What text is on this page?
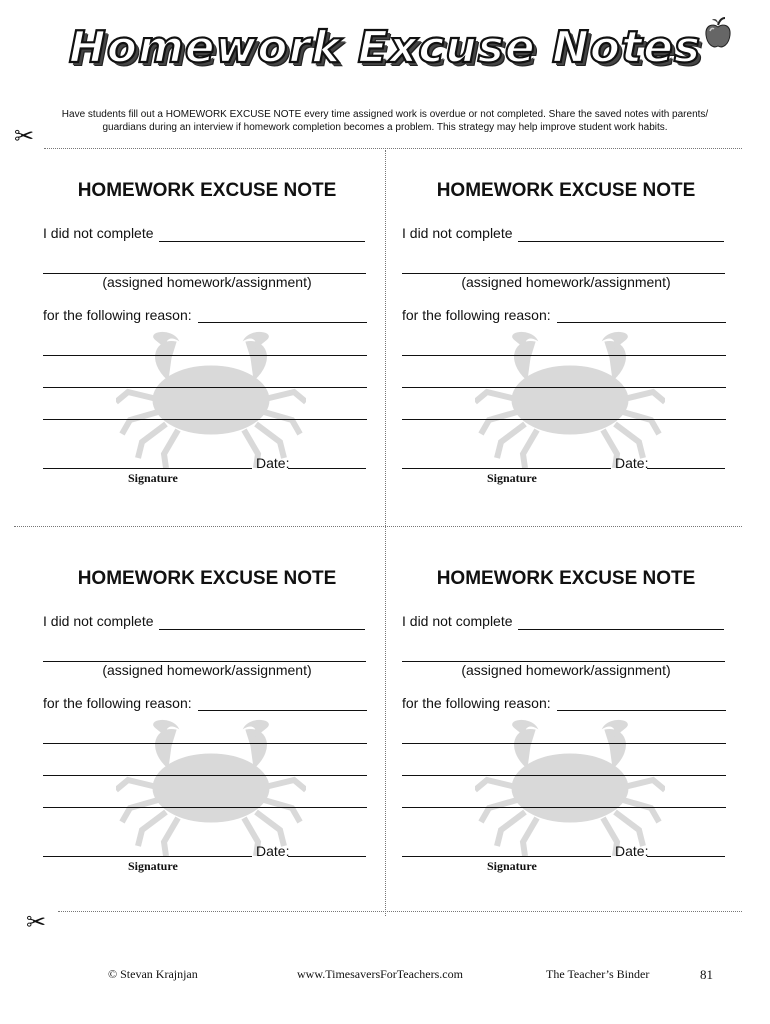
Homework Excuse Notes
Have students fill out a HOMEWORK EXCUSE NOTE every time assigned work is overdue or not completed. Share the saved notes with parents/
guardians during an interview if homework completion becomes a problem. This strategy may help improve student work habits.
✂
✂
HOMEWORK EXCUSE NOTE
I did not complete
(assigned homework/assignment)
for the following reason:
Date:
Signature
HOMEWORK EXCUSE NOTE
I did not complete
(assigned homework/assignment)
for the following reason:
Date:
Signature
HOMEWORK EXCUSE NOTE
I did not complete
(assigned homework/assignment)
for the following reason:
Date:
Signature
HOMEWORK EXCUSE NOTE
I did not complete
(assigned homework/assignment)
for the following reason:
Date:
Signature
© Stevan Krajnjan	www.TimesaversForTeachers.com	The Teacher’s Binder	81
